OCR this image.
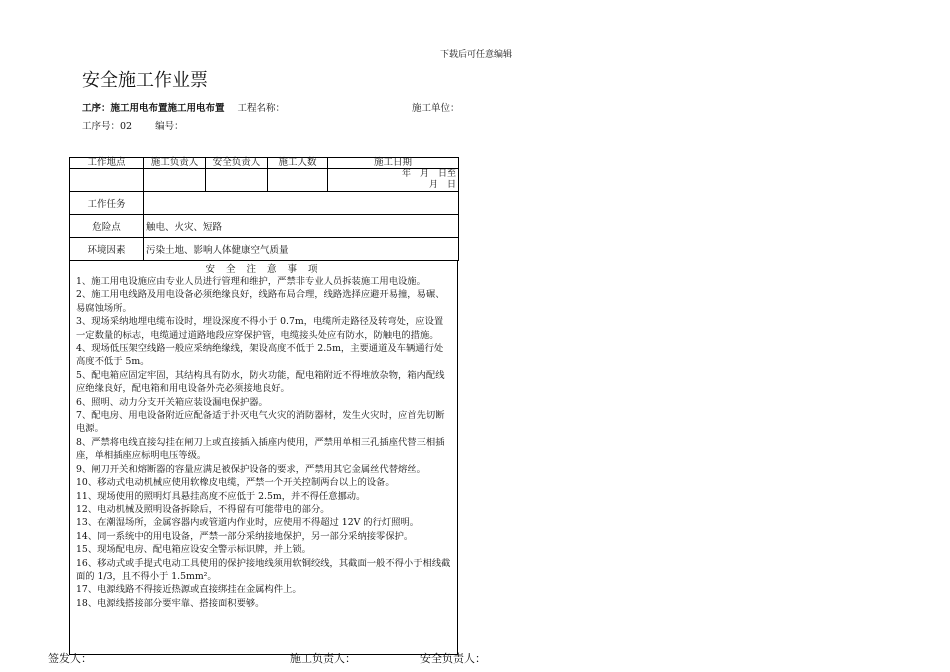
下载后可任意编辑
安全施工作业票
工序：施工用电布置施工用电布置 工程名称：	施工单位：
工序号：02 编号：
工作地点	施工负责人	安全负责人	施工人数	施工日期

				年　月　日至
月　日

工作任务				
危险点	触电、火灾、短路			
环境因素	污染土地、影响人体健康空气质量			
安 全 注 意 事 项
1、施工用电设施应由专业人员进行管理和维护，严禁非专业人员拆装施工用电设施。
2、施工用电线路及用电设备必须绝缘良好，线路布局合理，线路选择应避开易撞，易碾、易腐蚀场所。
3、现场采纳地埋电缆布设时，埋设深度不得小于 0.7m，电缆所走路径及转弯处，应设置一定数量的标志，电缆通过道路地段应穿保护管，电缆接头处应有防水，防触电的措施。
4、现场低压架空线路一般应采纳绝缘线，架设高度不低于 2.5m，主要通道及车辆通行处高度不低于 5m。
5、配电箱应固定牢固，其结构具有防水，防火功能，配电箱附近不得堆放杂物，箱内配线应绝缘良好，配电箱和用电设备外壳必须接地良好。
6、照明、动力分支开关箱应装设漏电保护器。
7、配电房、用电设备附近应配备适于扑灭电气火灾的消防器材，发生火灾时，应首先切断电源。
8、严禁将电线直接勾挂在闸刀上或直接插入插座内使用，严禁用单相三孔插座代替三相插座，单相插座应标明电压等级。
9、闸刀开关和熔断器的容量应满足被保护设备的要求，严禁用其它金属丝代替熔丝。
10、移动式电动机械应使用软橡皮电缆，严禁一个开关控制两台以上的设备。
11、现场使用的照明灯具悬挂高度不应低于 2.5m，并不得任意挪动。
12、电动机械及照明设备拆除后，不得留有可能带电的部分。
13、在潮湿场所，金属容器内或管道内作业时，应使用不得超过 12V 的行灯照明。
14、同一系统中的用电设备，严禁一部分采纳接地保护，另一部分采纳接零保护。
15、现场配电房、配电箱应设安全警示标识牌，并上锁。
16、移动式或手提式电动工具使用的保护接地线须用软铜绞线，其截面一般不得小于相线截面的 1/3，且不得小于 1.5mm²。
17、电源线路不得接近热源或直接绑挂在金属构件上。
18、电源线搭接部分要牢靠、搭接面积要够。
签发人：	施工负责人：	安全负责人：
